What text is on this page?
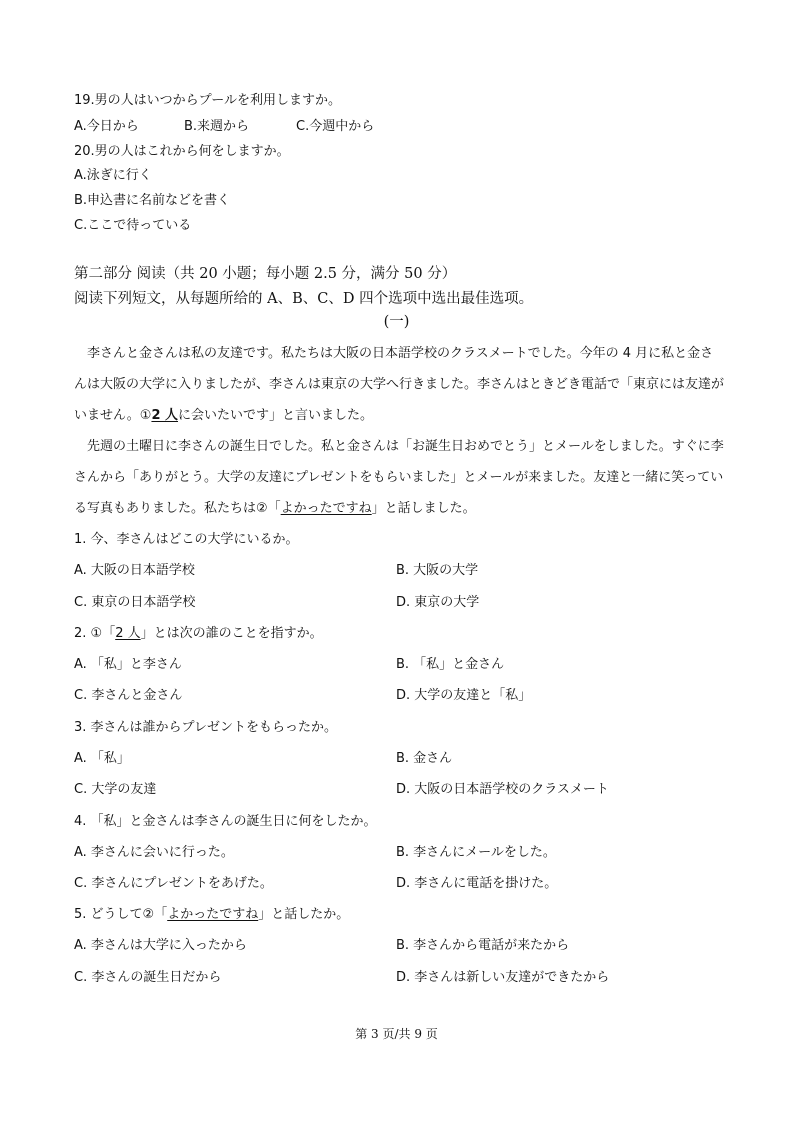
19.男の人はいつからプールを利用しますか。
A.今日から	B.来週から	C.今週中から
20.男の人はこれから何をしますか。
A.泳ぎに行く
B.申込書に名前などを書く
C.ここで待っている
第二部分 阅读（共 20 小题；每小题 2.5 分，满分 50 分）
阅读下列短文，从每题所给的 A、B、C、D 四个选项中选出最佳选项。
(一)

李さんと金さんは私の友達です。私たちは大阪の日本語学校のクラスメートでした。今年の 4 月に私と金さんは大阪の大学に入りましたが、李さんは東京の大学へ行きました。李さんはときどき電話で「東京には友達がいません。①2 人に会いたいです」と言いました。

先週の土曜日に李さんの誕生日でした。私と金さんは「お誕生日おめでとう」とメールをしました。すぐに李さんから「ありがとう。大学の友達にプレゼントをもらいました」とメールが来ました。友達と一緒に笑っている写真もありました。私たちは②「よかったですね」と話しました。

1. 今、李さんはどこの大学にいるか。
A. 大阪の日本語学校	B. 大阪の大学
C. 東京の日本語学校	D. 東京の大学
2. ①「2 人」とは次の誰のことを指すか。
A. 「私」と李さん	B. 「私」と金さん
C. 李さんと金さん	D. 大学の友達と「私」
3. 李さんは誰からプレゼントをもらったか。
A. 「私」	B. 金さん
C. 大学の友達	D. 大阪の日本語学校のクラスメート
4. 「私」と金さんは李さんの誕生日に何をしたか。
A. 李さんに会いに行った。	B. 李さんにメールをした。
C. 李さんにプレゼントをあげた。	D. 李さんに電話を掛けた。
5. どうして②「よかったですね」と話したか。
A. 李さんは大学に入ったから	B. 李さんから電話が来たから
C. 李さんの誕生日だから	D. 李さんは新しい友達ができたから
第 3 页/共 9 页
